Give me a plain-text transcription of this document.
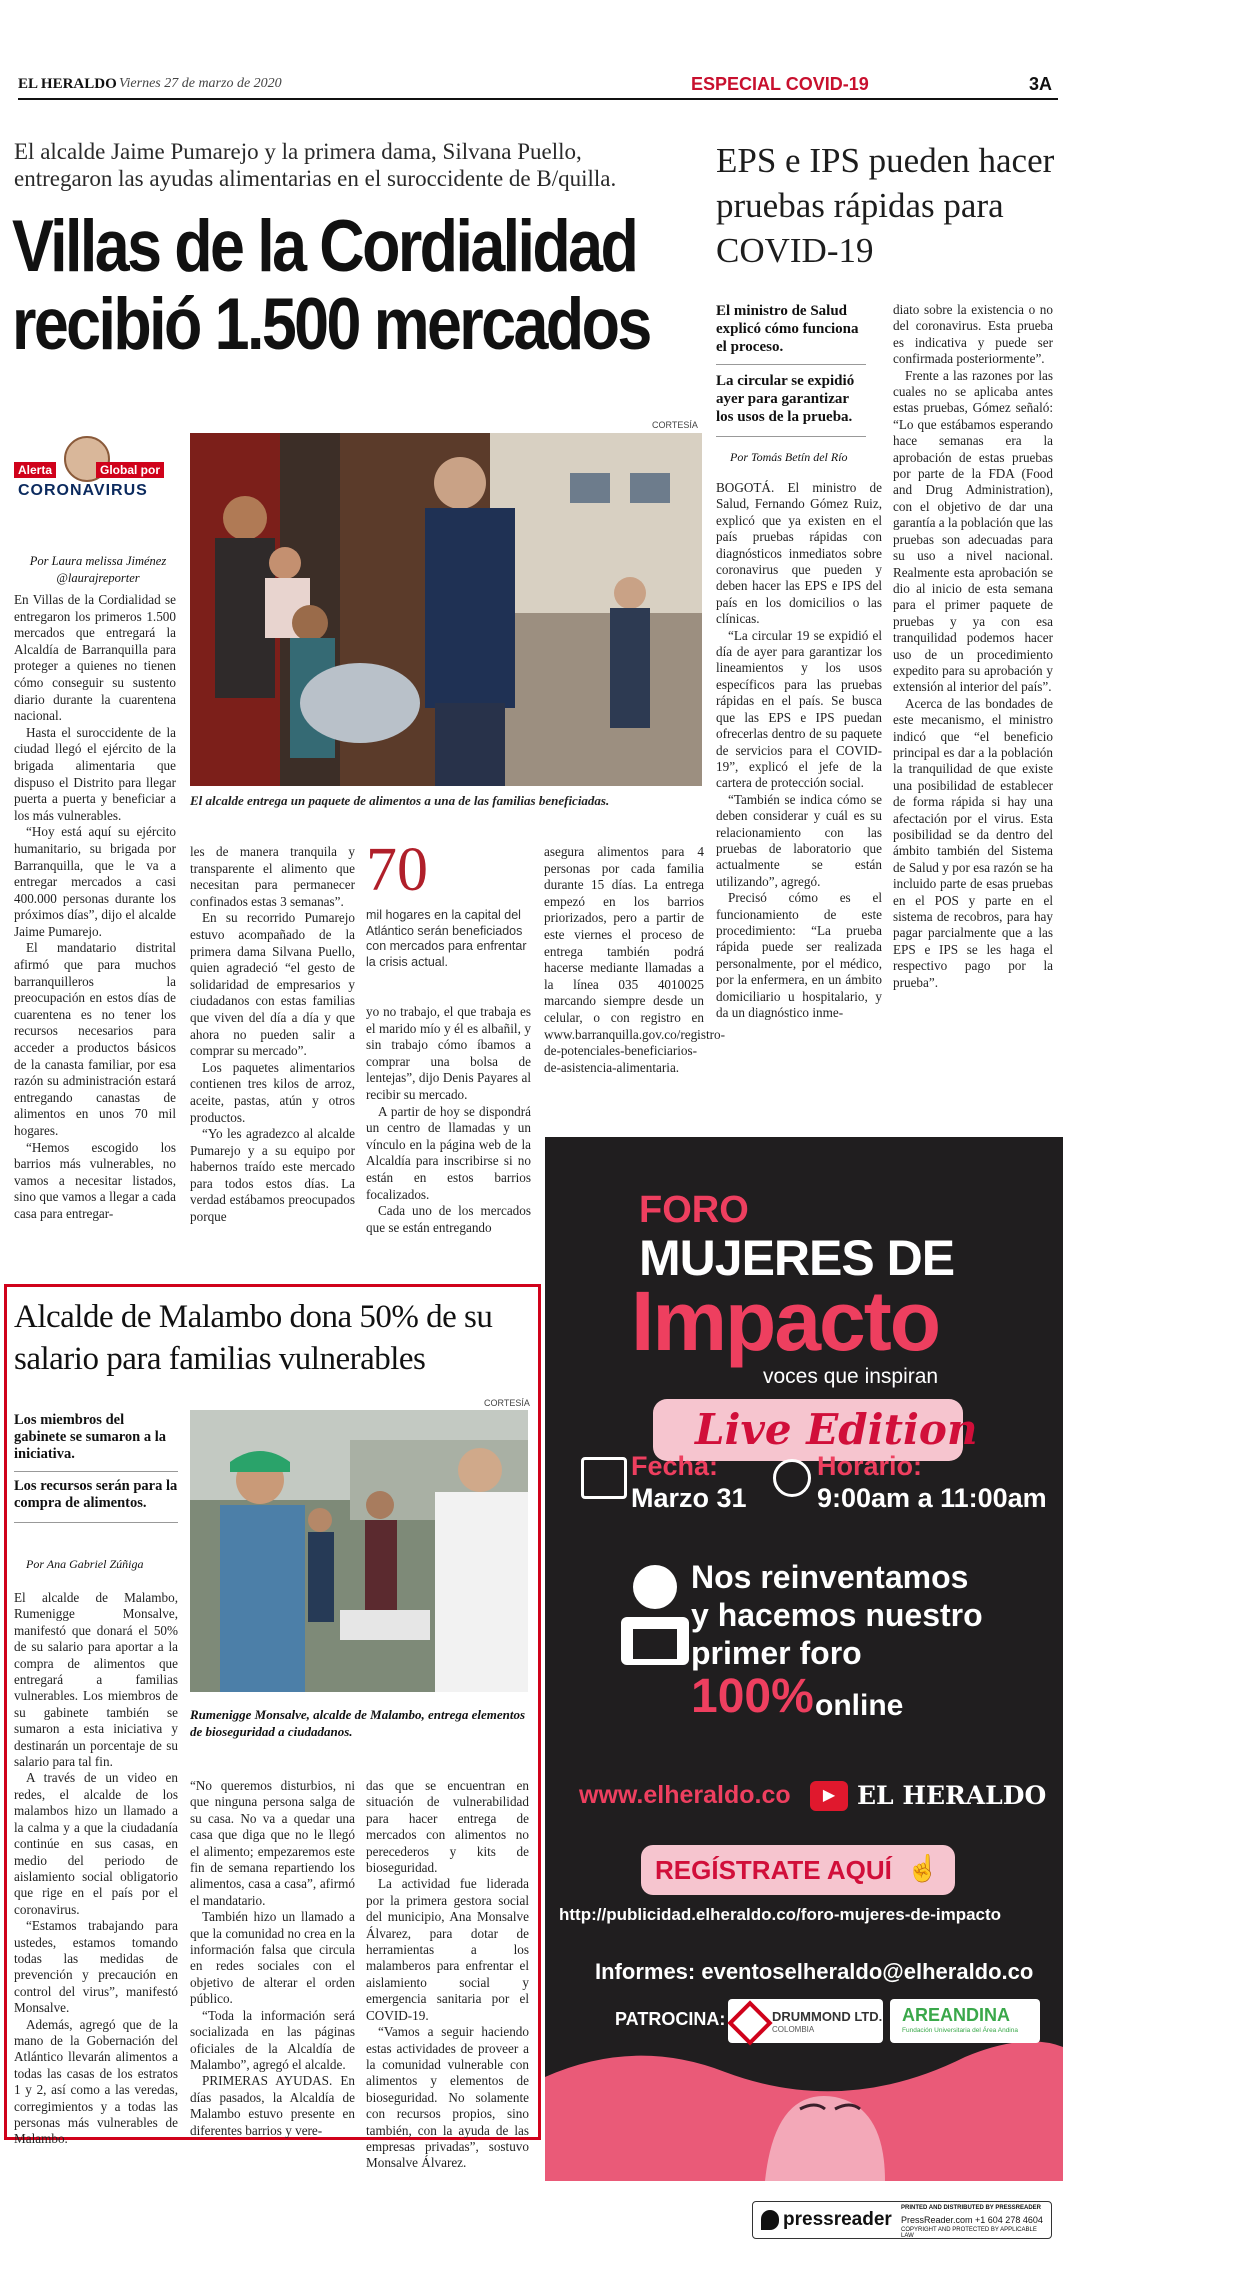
EL HERALDO Viernes 27 de marzo de 2020	ESPECIAL COVID-19	3A
El alcalde Jaime Pumarejo y la primera dama, Silvana Puello, entregaron las ayudas alimentarias en el suroccidente de B/quilla.
Villas de la Cordialidad recibió 1.500 mercados
Alerta	Global por
CORONAVIRUS
Por Laura melissa Jiménez
@laurajreporter
CORTESÍA
El alcalde entrega un paquete de alimentos a una de las familias beneficiadas.

En Villas de la Cordialidad se entregaron los primeros 1.500 mercados que entregará la Alcaldía de Barranquilla para proteger a quienes no tienen cómo conseguir su sustento diario durante la cuarentena nacional.

Hasta el suroccidente de la ciudad llegó el ejército de la brigada alimentaria que dispuso el Distrito para llegar puerta a puerta y beneficiar a los más vulnerables.

“Hoy está aquí su ejército humanitario, su brigada por Barranquilla, que le va a entregar mercados a casi 400.000 personas durante los próximos días”, dijo el alcalde Jaime Pumarejo.

El mandatario distrital afirmó que para muchos barranquilleros la preocupación en estos días de cuarentena es no tener los recursos necesarios para acceder a productos básicos de la canasta familiar, por esa razón su administración estará entregando canastas de alimentos en unos 70 mil hogares.

“Hemos escogido los barrios más vulnerables, no vamos a necesitar listados, sino que vamos a llegar a cada casa para entregar-

les de manera tranquila y transparente el alimento que necesitan para permanecer confinados estas 3 semanas”.

En su recorrido Pumarejo estuvo acompañado de la primera dama Silvana Puello, quien agradeció “el gesto de solidaridad de empresarios y ciudadanos con estas familias que viven del día a día y que ahora no pueden salir a comprar su mercado”.

Los paquetes alimentarios contienen tres kilos de arroz, aceite, pastas, atún y otros productos.

“Yo les agradezco al alcalde Pumarejo y a su equipo por habernos traído este mercado para todos estos días. La verdad estábamos preocupados porque

70
mil hogares en la capital del Atlántico serán beneficiados con mercados para enfrentar la crisis actual.

yo no trabajo, el que trabaja es el marido mío y él es albañil, y sin trabajo cómo íbamos a comprar una bolsa de lentejas”, dijo Denis Payares al recibir su mercado.

A partir de hoy se dispondrá un centro de llamadas y un vínculo en la página web de la Alcaldía para inscribirse si no están en estos barrios focalizados.

Cada uno de los mercados que se están entregando

asegura alimentos para 4 personas por cada familia durante 15 días. La entrega empezó en los barrios priorizados, pero a partir de este viernes el proceso de entrega también podrá hacerse mediante llamadas a la línea 035 4010025 marcando siempre desde un celular, o con registro en www.barranquilla.gov.co/registro-de-potenciales-beneficiarios-de-asistencia-alimentaria.

EPS e IPS pueden hacer pruebas rápidas para COVID-19
El ministro de Salud explicó cómo funciona el proceso.
La circular se expidió ayer para garantizar los usos de la prueba.
Por Tomás Betín del Río

BOGOTÁ. El ministro de Salud, Fernando Gómez Ruiz, explicó que ya existen en el país pruebas rápidas con diagnósticos inmediatos sobre coronavirus que pueden y deben hacer las EPS e IPS del país en los domicilios o las clínicas.

“La circular 19 se expidió el día de ayer para garantizar los lineamientos y los usos específicos para las pruebas rápidas en el país. Se busca que las EPS e IPS puedan ofrecerlas dentro de su paquete de servicios para el COVID-19”, explicó el jefe de la cartera de protección social.

“También se indica cómo se deben considerar y cuál es su relacionamiento con las pruebas de laboratorio que actualmente se están utilizando”, agregó.

Precisó cómo es el funcionamiento de este procedimiento: “La prueba rápida puede ser realizada personalmente, por el médico, por la enfermera, en un ámbito domiciliario u hospitalario, y da un diagnóstico inme-

diato sobre la existencia o no del coronavirus. Esta prueba es indicativa y puede ser confirmada posteriormente”.

Frente a las razones por las cuales no se aplicaba antes estas pruebas, Gómez señaló: “Lo que estábamos esperando hace semanas era la aprobación de estas pruebas por parte de la FDA (Food and Drug Administration), con el objetivo de dar una garantía a la población que las pruebas son adecuadas para su uso a nivel nacional. Realmente esta aprobación se dio al inicio de esta semana para el primer paquete de pruebas y ya con esa tranquilidad podemos hacer uso de un procedimiento expedito para su aprobación y extensión al interior del país”.

Acerca de las bondades de este mecanismo, el ministro indicó que “el beneficio principal es dar a la población la tranquilidad de que existe una posibilidad de establecer de forma rápida si hay una afectación por el virus. Esta posibilidad se da dentro del ámbito también del Sistema de Salud y por esa razón se ha incluido parte de esas pruebas en el POS y parte en el sistema de recobros, para hay pagar parcialmente que a las EPS e IPS se les haga el respectivo pago por la prueba”.

Alcalde de Malambo dona 50% de su salario para familias vulnerables
Los miembros del gabinete se sumaron a la iniciativa.
Los recursos serán para la compra de alimentos.
Por Ana Gabriel Zúñiga
CORTESÍA
Rumenigge Monsalve, alcalde de Malambo, entrega elementos de bioseguridad a ciudadanos.

El alcalde de Malambo, Rumenigge Monsalve, manifestó que donará el 50% de su salario para aportar a la compra de alimentos que entregará a familias vulnerables. Los miembros de su gabinete también se sumaron a esta iniciativa y destinarán un porcentaje de su salario para tal fin.

A través de un video en redes, el alcalde de los malambos hizo un llamado a la calma y a que la ciudadanía continúe en sus casas, en medio del periodo de aislamiento social obligatorio que rige en el país por el coronavirus.

“Estamos trabajando para ustedes, estamos tomando todas las medidas de prevención y precaución en control del virus”, manifestó Monsalve.

Además, agregó que de la mano de la Gobernación del Atlántico llevarán alimentos a todas las casas de los estratos 1 y 2, así como a las veredas, corregimientos y a todas las personas más vulnerables de Malambo.

“No queremos disturbios, ni que ninguna persona salga de su casa. No va a quedar una casa que diga que no le llegó el alimento; empezaremos este fin de semana repartiendo los alimentos, casa a casa”, afirmó el mandatario.

También hizo un llamado a que la comunidad no crea en la información falsa que circula en redes sociales con el objetivo de alterar el orden público.

“Toda la información será socializada en las páginas oficiales de la Alcaldía de Malambo”, agregó el alcalde.

PRIMERAS AYUDAS. En días pasados, la Alcaldía de Malambo estuvo presente en diferentes barrios y vere-

das que se encuentran en situación de vulnerabilidad para hacer entrega de mercados con alimentos no perecederos y kits de bioseguridad.

La actividad fue liderada por la primera gestora social del municipio, Ana Monsalve Álvarez, para dotar de herramientas a los malamberos para enfrentar el aislamiento social y emergencia sanitaria por el COVID-19.

“Vamos a seguir haciendo estas actividades de proveer a la comunidad vulnerable con alimentos y elementos de bioseguridad. No solamente con recursos propios, sino también, con la ayuda de las empresas privadas”, sostuvo Monsalve Álvarez.

FORO
MUJERES DE
Impacto
voces que inspiran
Live Edition
Fecha:
Marzo 31
Horario:
9:00am a 11:00am
Nos reinventamos
y hacemos nuestro
primer foro
100% online
www.elheraldo.co	▶ EL HERALDO
REGÍSTRATE AQUÍ ☝
http://publicidad.elheraldo.co/foro-mujeres-de-impacto
Informes: eventoselheraldo@elheraldo.co
PATROCINA:	DRUMMOND LTD.
COLOMBIA
AREANDINA
Fundación Universitaria del Área Andina
pressreader
PRINTED AND DISTRIBUTED BY PRESSREADER
PressReader.com +1 604 278 4604
COPYRIGHT AND PROTECTED BY APPLICABLE LAW
